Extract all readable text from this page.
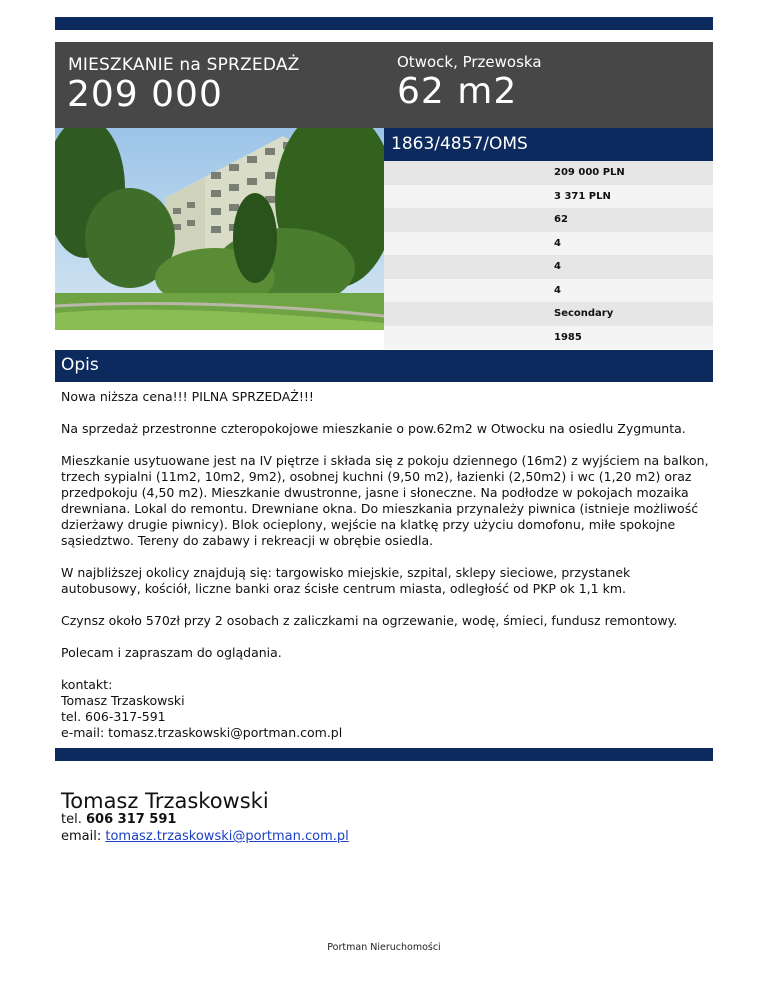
MIESZKANIE na SPRZEDAŻ
209 000
Otwock, Przewoska
62 m2
1863/4857/OMS
209 000 PLN
3 371 PLN
62
4
4
4
Secondary
1985
Opis

Nowa niższa cena!!! PILNA SPRZEDAŻ!!!

Na sprzedaż przestronne czteropokojowe mieszkanie o pow.62m2 w Otwocku na osiedlu Zygmunta.

Mieszkanie usytuowane jest na IV piętrze i składa się z pokoju dziennego (16m2) z wyjściem na balkon, trzech sypialni (11m2, 10m2, 9m2), osobnej kuchni (9,50 m2), łazienki (2,50m2) i wc (1,20 m2) oraz przedpokoju (4,50 m2). Mieszkanie dwustronne, jasne i słoneczne. Na podłodze w pokojach mozaika drewniana. Lokal do remontu. Drewniane okna. Do mieszkania przynależy piwnica (istnieje możliwość dzierżawy drugie piwnicy). Blok ocieplony, wejście na klatkę przy użyciu domofonu, miłe spokojne sąsiedztwo. Tereny do zabawy i rekreacji w obrębie osiedla.

W najbliższej okolicy znajdują się: targowisko miejskie, szpital, sklepy sieciowe, przystanek autobusowy, kościół, liczne banki oraz ścisłe centrum miasta, odległość od PKP ok 1,1 km.

Czynsz około 570zł przy 2 osobach z zaliczkami na ogrzewanie, wodę, śmieci, fundusz remontowy.

Polecam i zapraszam do oglądania.

kontakt:

Tomasz Trzaskowski

tel. 606-317-591

e-mail: tomasz.trzaskowski@portman.com.pl

Tomasz Trzaskowski
tel. 606 317 591
email: tomasz.trzaskowski@portman.com.pl
Portman Nieruchomości
